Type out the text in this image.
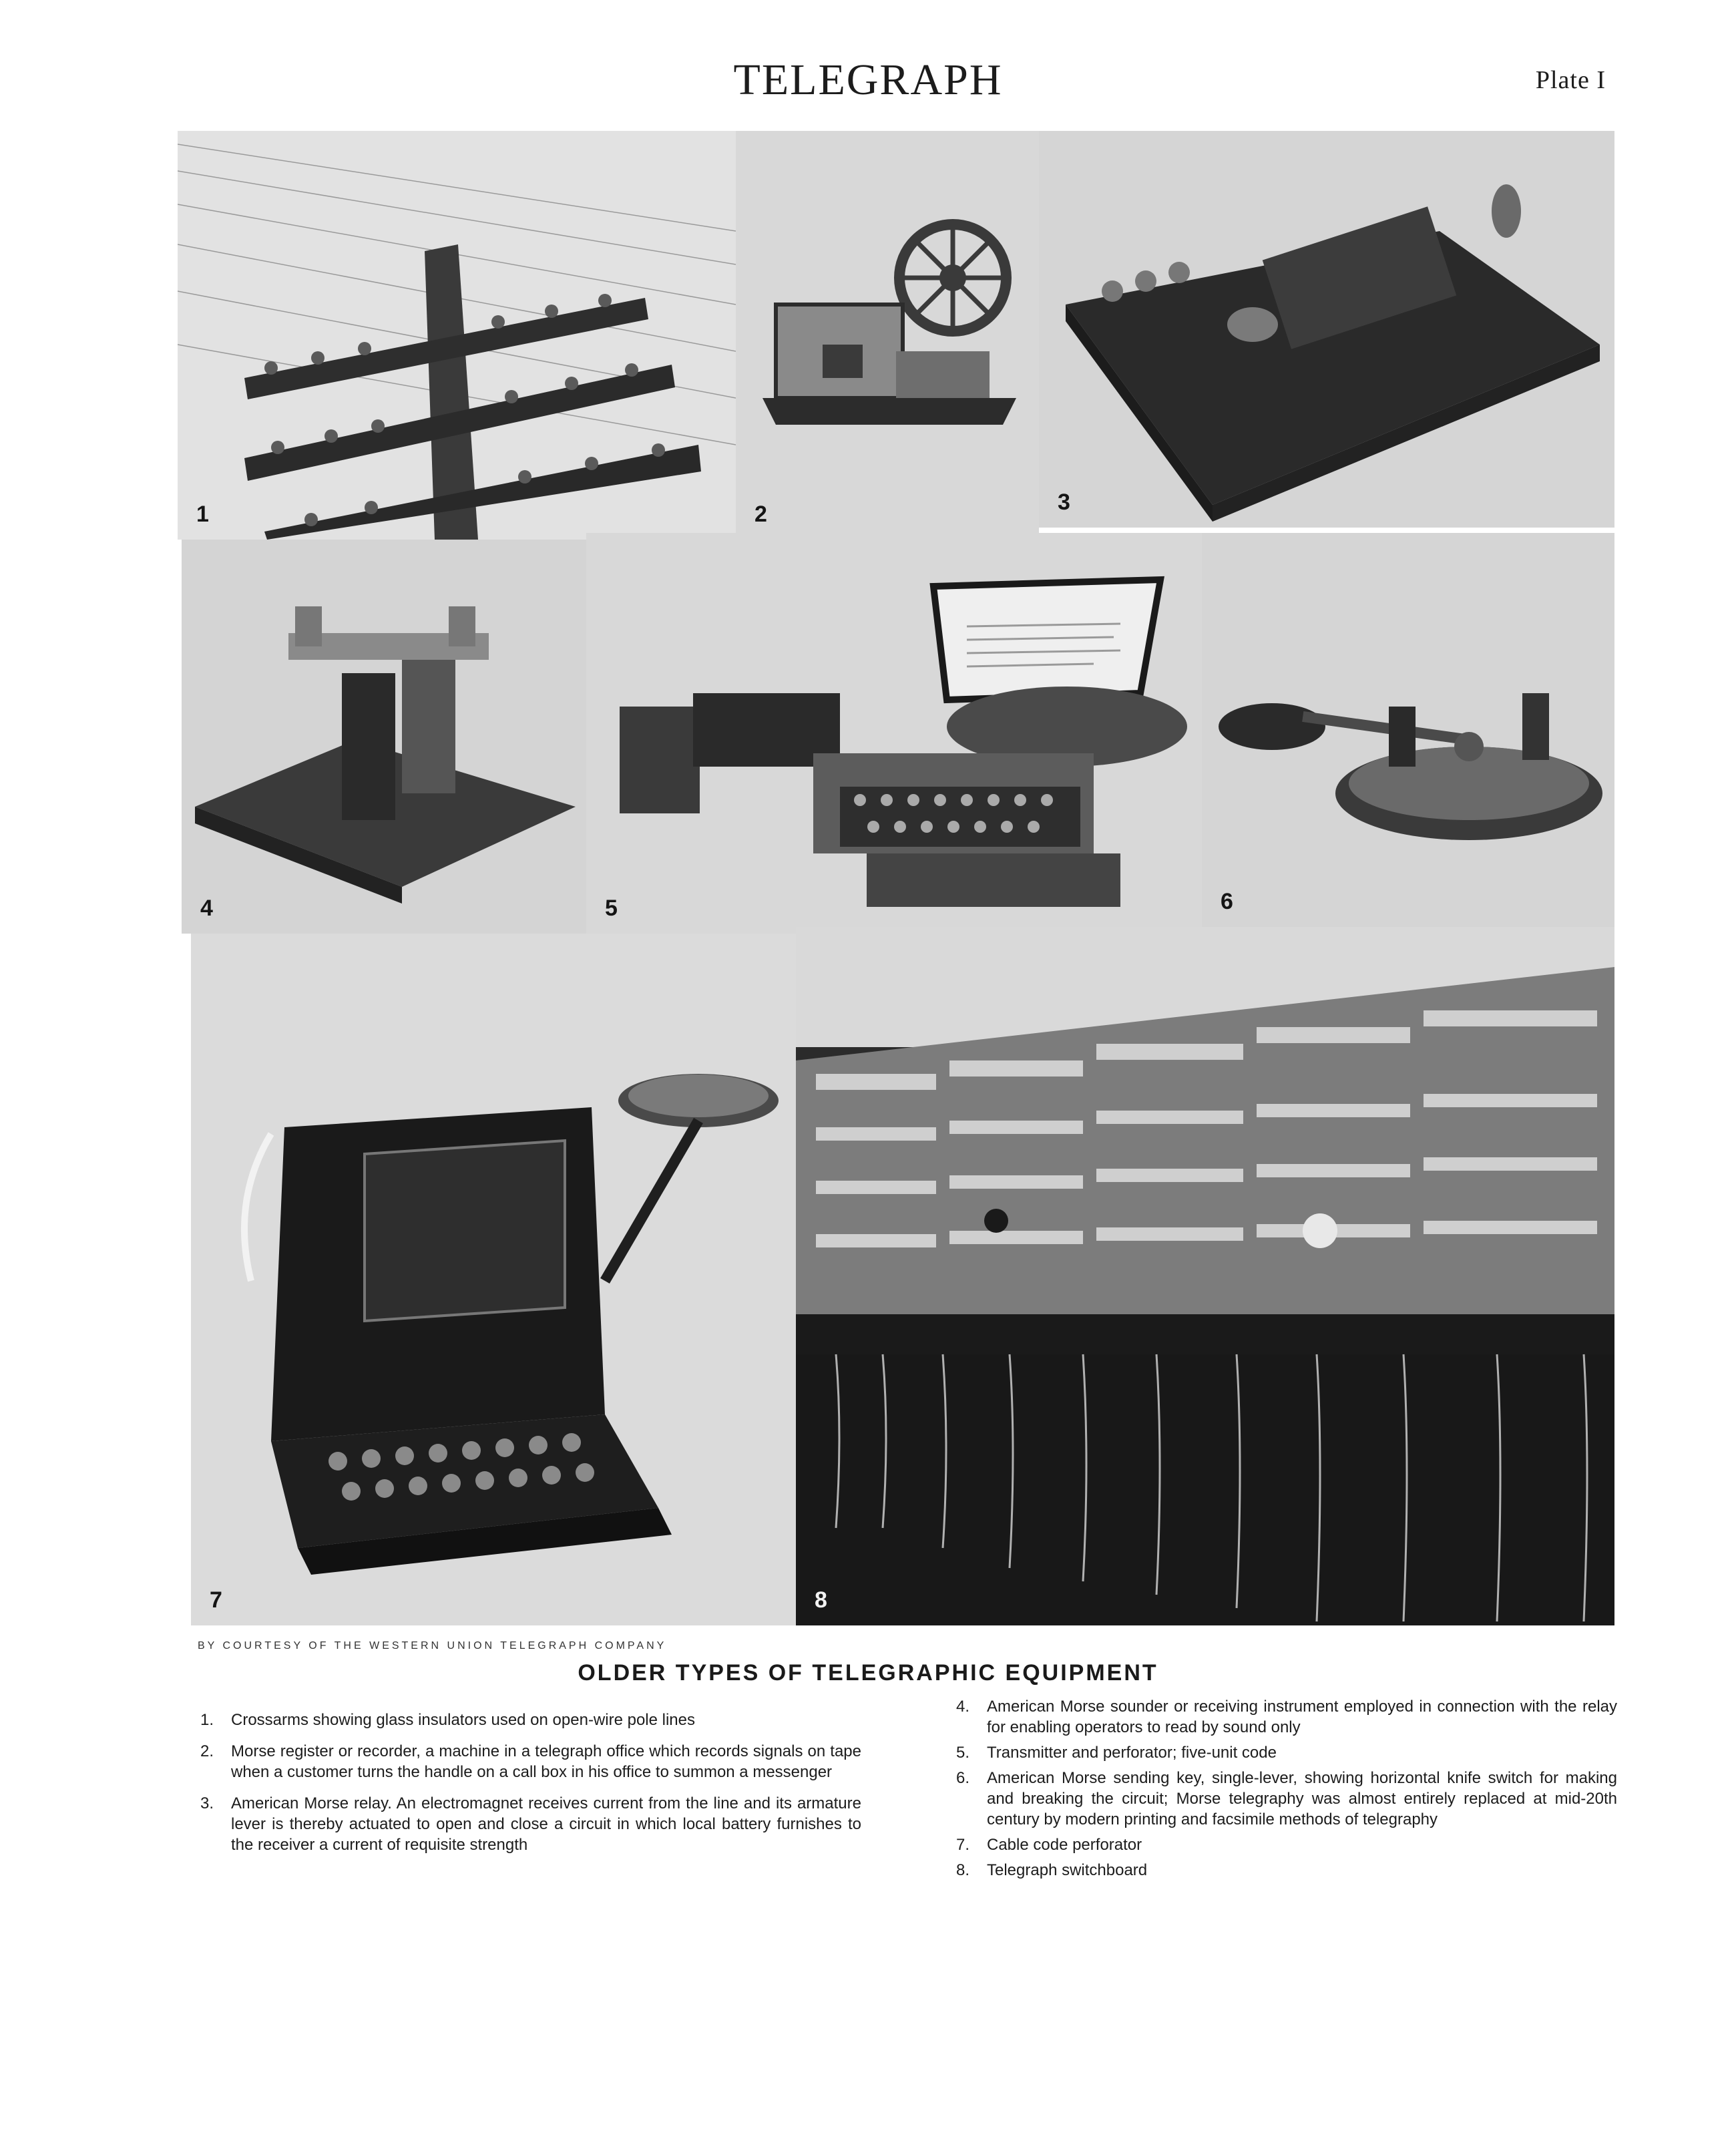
TELEGRAPH	Plate I
1	2	3
4	5	6
7	8
BY COURTESY OF THE WESTERN UNION TELEGRAPH COMPANY
OLDER TYPES OF TELEGRAPHIC EQUIPMENT
1.	Crossarms showing glass insulators used on open-wire pole lines
2.	Morse register or recorder, a machine in a telegraph office which records signals on tape when a customer turns the handle on a call box in his office to summon a messenger
3.	American Morse relay. An electromagnet receives current from the line and its armature lever is thereby actuated to open and close a circuit in which local battery furnishes to the receiver a current of requisite strength
4.	American Morse sounder or receiving instrument employed in connection with the relay for enabling operators to read by sound only
5.	Transmitter and perforator; five-unit code
6.	American Morse sending key, single-lever, showing horizontal knife switch for making and breaking the circuit; Morse telegraphy was almost entirely replaced at mid-20th century by modern printing and facsimile methods of telegraphy
7.	Cable code perforator
8.	Telegraph switchboard
